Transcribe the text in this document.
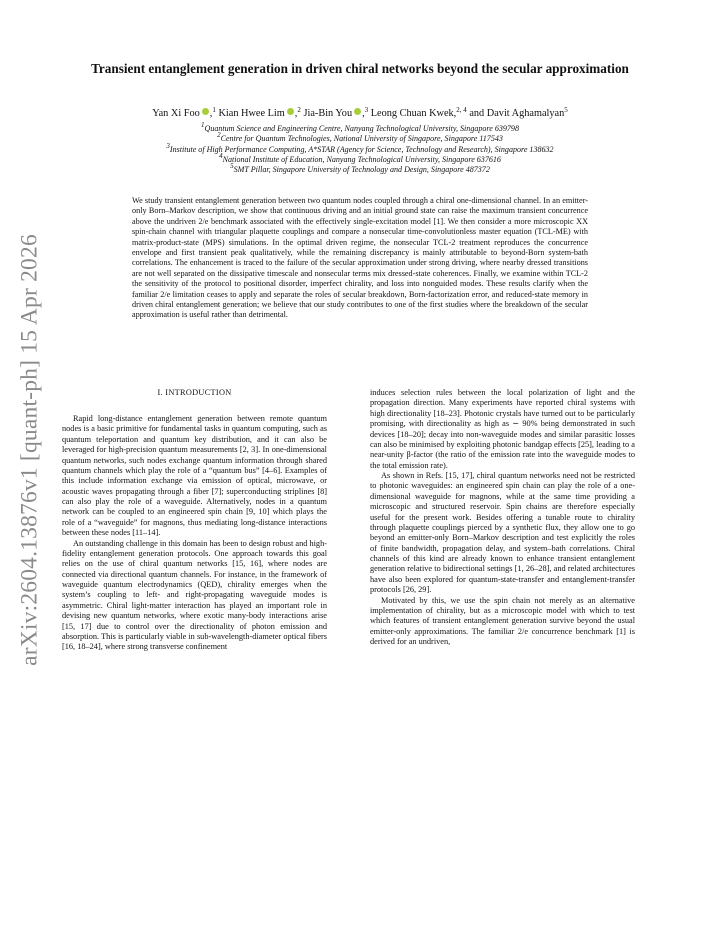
arXiv:2604.13876v1 [quant-ph] 15 Apr 2026
Transient entanglement generation in driven chiral networks beyond the secular approximation
Yan Xi Foo ,$^1$ Kian Hwee Lim ,$^2$ Jia-Bin You ,$^3$ Leong Chuan Kwek,$^{2, 4}$ and Davit Aghamalyan$^5$
$^1$Quantum Science and Engineering Centre, Nanyang Technological University, Singapore 639798
$^2$Centre for Quantum Technologies, National University of Singapore, Singapore 117543
$^3$Institute of High Performance Computing, A*STAR (Agency for Science, Technology and Research), Singapore 138632
$^4$National Institute of Education, Nanyang Technological University, Singapore 637616
$^5$SMT Pillar, Singapore University of Technology and Design, Singapore 487372

We study transient entanglement generation between two quantum nodes coupled through a chiral one-dimensional channel. In an emitter-only Born–Markov description, we show that continuous driving and an initial ground state can raise the maximum transient concurrence above the undriven 2/e benchmark associated with the effectively single-excitation model [1]. We then consider a more microscopic XX spin-chain channel with triangular plaquette couplings and compare a nonsecular time-convolutionless master equation (TCL-ME) with matrix-product-state (MPS) simulations. In the optimal driven regime, the nonsecular TCL-2 treatment reproduces the concurrence envelope and first transient peak qualitatively, while the remaining discrepancy is mainly attributable to beyond-Born system-bath correlations. The enhancement is traced to the failure of the secular approximation under strong driving, where nearby dressed transitions are not well separated on the dissipative timescale and nonsecular terms mix dressed-state coherences. Finally, we examine within TCL-2 the sensitivity of the protocol to positional disorder, imperfect chirality, and loss into nonguided modes. These results clarify when the familiar 2/e limitation ceases to apply and separate the roles of secular breakdown, Born-factorization error, and reduced-state memory in driven chiral entanglement generation; we believe that our study contributes to one of the first studies where the breakdown of the secular approximation is useful rather than detrimental.

I. INTRODUCTION

Rapid long-distance entanglement generation between remote quantum nodes is a basic primitive for fundamental tasks in quantum computing, such as quantum teleportation and quantum key distribution, and it can also be leveraged for high-precision quantum measurements [2, 3]. In one-dimensional quantum networks, such nodes exchange quantum information through shared quantum channels which play the role of a “quantum bus” [4–6]. Examples of this include information exchange via emission of optical, microwave, or acoustic waves propagating through a fiber [7]; superconducting striplines [8] can also play the role of a waveguide. Alternatively, nodes in a quantum network can be coupled to an engineered spin chain [9, 10] which plays the role of a “waveguide” for magnons, thus mediating long-distance interactions between these nodes [11–14].

An outstanding challenge in this domain has been to design robust and high-fidelity entanglement generation protocols. One approach towards this goal relies on the use of chiral quantum networks [15, 16], where nodes are connected via directional quantum channels. For instance, in the framework of waveguide quantum electrodynamics (QED), chirality emerges when the system’s coupling to left- and right-propagating waveguide modes is asymmetric. Chiral light-matter interaction has played an important role in devising new quantum networks, where exotic many-body interactions arise [15, 17] due to control over the directionality of photon emission and absorption. This is particularly viable in sub-wavelength-diameter optical fibers [16, 18–24], where strong transverse confinement

induces selection rules between the local polarization of light and the propagation direction. Many experiments have reported chiral systems with high directionality [18–23]. Photonic crystals have turned out to be particularly promising, with directionality as high as ∼ 90% being demonstrated in such devices [18–20]; decay into non-waveguide modes and similar parasitic losses can also be minimised by exploiting photonic bandgap effects [25], leading to a near-unity β-factor (the ratio of the emission rate into the waveguide modes to the total emission rate).

As shown in Refs. [15, 17], chiral quantum networks need not be restricted to photonic waveguides: an engineered spin chain can play the role of a one-dimensional waveguide for magnons, while at the same time providing a microscopic and structured reservoir. Spin chains are therefore especially useful for the present work. Besides offering a tunable route to chirality through plaquette couplings pierced by a synthetic flux, they allow one to go beyond an emitter-only Born–Markov description and test explicitly the roles of finite bandwidth, propagation delay, and system–bath correlations. Chiral channels of this kind are already known to enhance transient entanglement generation relative to bidirectional settings [1, 26–28], and related architectures have also been explored for quantum-state-transfer and entanglement-transfer protocols [26, 29].

Motivated by this, we use the spin chain not merely as an alternative implementation of chirality, but as a microscopic model with which to test which features of transient entanglement generation survive beyond the usual emitter-only approximations. The familiar 2/e concurrence benchmark [1] is derived for an undriven,
